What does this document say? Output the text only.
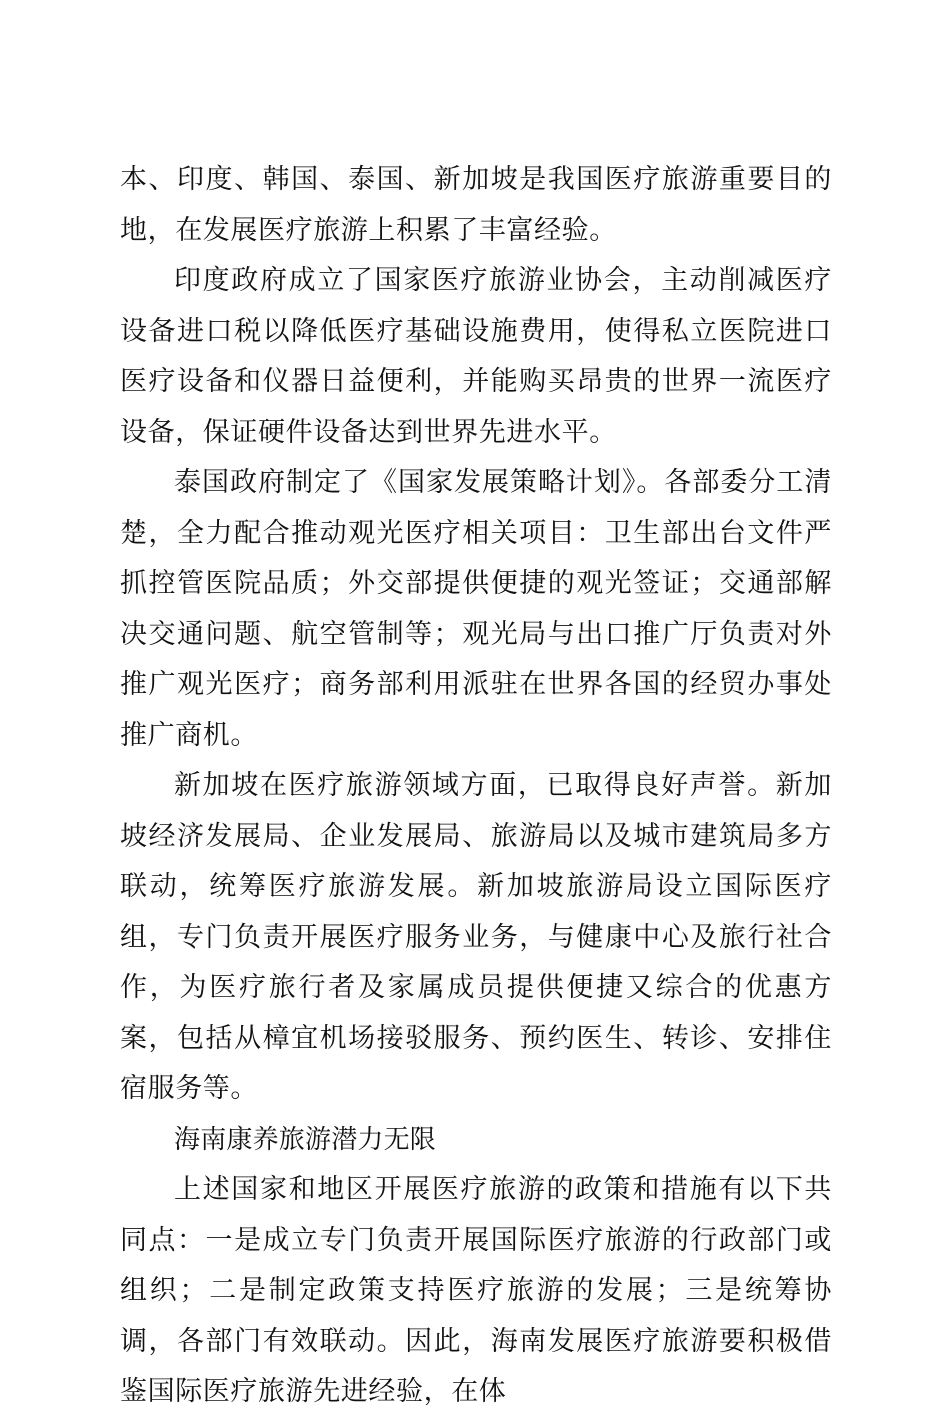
本、印度、韩国、泰国、新加坡是我国医疗旅游重要目的地，在发展医疗旅游上积累了丰富经验。

印度政府成立了国家医疗旅游业协会，主动削减医疗设备进口税以降低医疗基础设施费用，使得私立医院进口医疗设备和仪器日益便利，并能购买昂贵的世界一流医疗设备，保证硬件设备达到世界先进水平。

泰国政府制定了《国家发展策略计划》。各部委分工清楚，全力配合推动观光医疗相关项目：卫生部出台文件严抓控管医院品质；外交部提供便捷的观光签证；交通部解决交通问题、航空管制等；观光局与出口推广厅负责对外推广观光医疗；商务部利用派驻在世界各国的经贸办事处推广商机。

新加坡在医疗旅游领域方面，已取得良好声誉。新加坡经济发展局、企业发展局、旅游局以及城市建筑局多方联动，统筹医疗旅游发展。新加坡旅游局设立国际医疗组，专门负责开展医疗服务业务，与健康中心及旅行社合作，为医疗旅行者及家属成员提供便捷又综合的优惠方案，包括从樟宜机场接驳服务、预约医生、转诊、安排住宿服务等。

海南康养旅游潜力无限

上述国家和地区开展医疗旅游的政策和措施有以下共同点：一是成立专门负责开展国际医疗旅游的行政部门或组织；二是制定政策支持医疗旅游的发展；三是统筹协调，各部门有效联动。因此，海南发展医疗旅游要积极借鉴国际医疗旅游先进经验，在体
